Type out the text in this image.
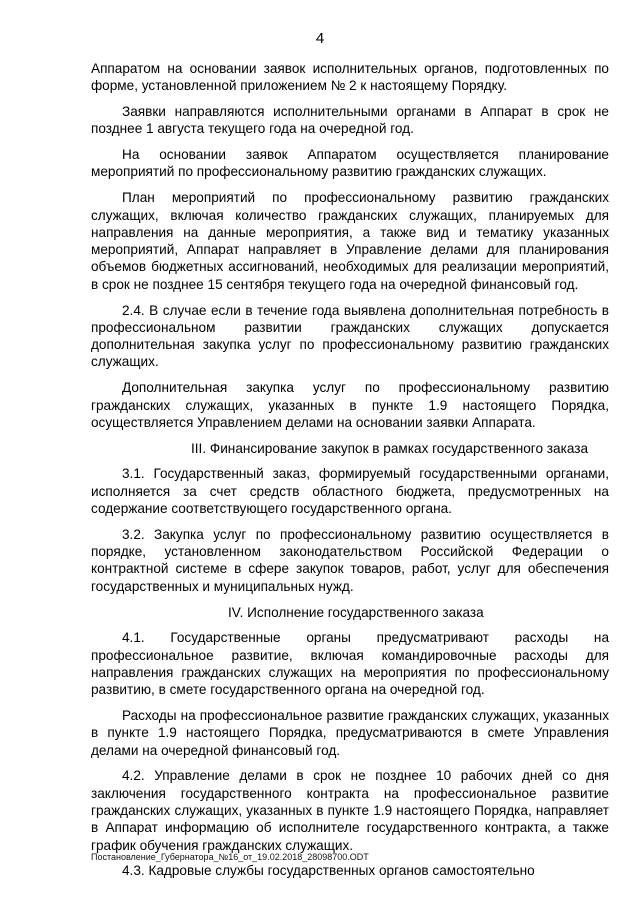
4

Аппаратом на основании заявок исполнительных органов, подготовленных по форме, установленной приложением № 2 к настоящему Порядку.

Заявки направляются исполнительными органами в Аппарат в срок не позднее 1 августа текущего года на очередной год.

На основании заявок Аппаратом осуществляется планирование мероприятий по профессиональному развитию гражданских служащих.

План мероприятий по профессиональному развитию гражданских служащих, включая количество гражданских служащих, планируемых для направления на данные мероприятия, а также вид и тематику указанных мероприятий, Аппарат направляет в Управление делами для планирования объемов бюджетных ассигнований, необходимых для реализации мероприятий, в срок не позднее 15 сентября текущего года на очередной финансовый год.

2.4. В случае если в течение года выявлена дополнительная потребность в профессиональном развитии гражданских служащих допускается дополнительная закупка услуг по профессиональному развитию гражданских служащих.

Дополнительная закупка услуг по профессиональному развитию гражданских служащих, указанных в пункте 1.9 настоящего Порядка, осуществляется Управлением делами на основании заявки Аппарата.

III. Финансирование закупок в рамках государственного заказа

3.1. Государственный заказ, формируемый государственными органами, исполняется за счет средств областного бюджета, предусмотренных на содержание соответствующего государственного органа.

3.2. Закупка услуг по профессиональному развитию осуществляется в порядке, установленном законодательством Российской Федерации о контрактной системе в сфере закупок товаров, работ, услуг для обеспечения государственных и муниципальных нужд.

IV. Исполнение государственного заказа

4.1. Государственные органы предусматривают расходы на профессиональное развитие, включая командировочные расходы для направления гражданских служащих на мероприятия по профессиональному развитию, в смете государственного органа на очередной год.

Расходы на профессиональное развитие гражданских служащих, указанных в пункте 1.9 настоящего Порядка, предусматриваются в смете Управления делами на очередной финансовый год.

4.2. Управление делами в срок не позднее 10 рабочих дней со дня заключения государственного контракта на профессиональное развитие гражданских служащих, указанных в пункте 1.9 настоящего Порядка, направляет в Аппарат информацию об исполнителе государственного контракта, а также график обучения гражданских служащих.

4.3. Кадровые службы государственных органов самостоятельно

Постановление_Губернатора_№16_от_19.02.2018_28098700.ODT
